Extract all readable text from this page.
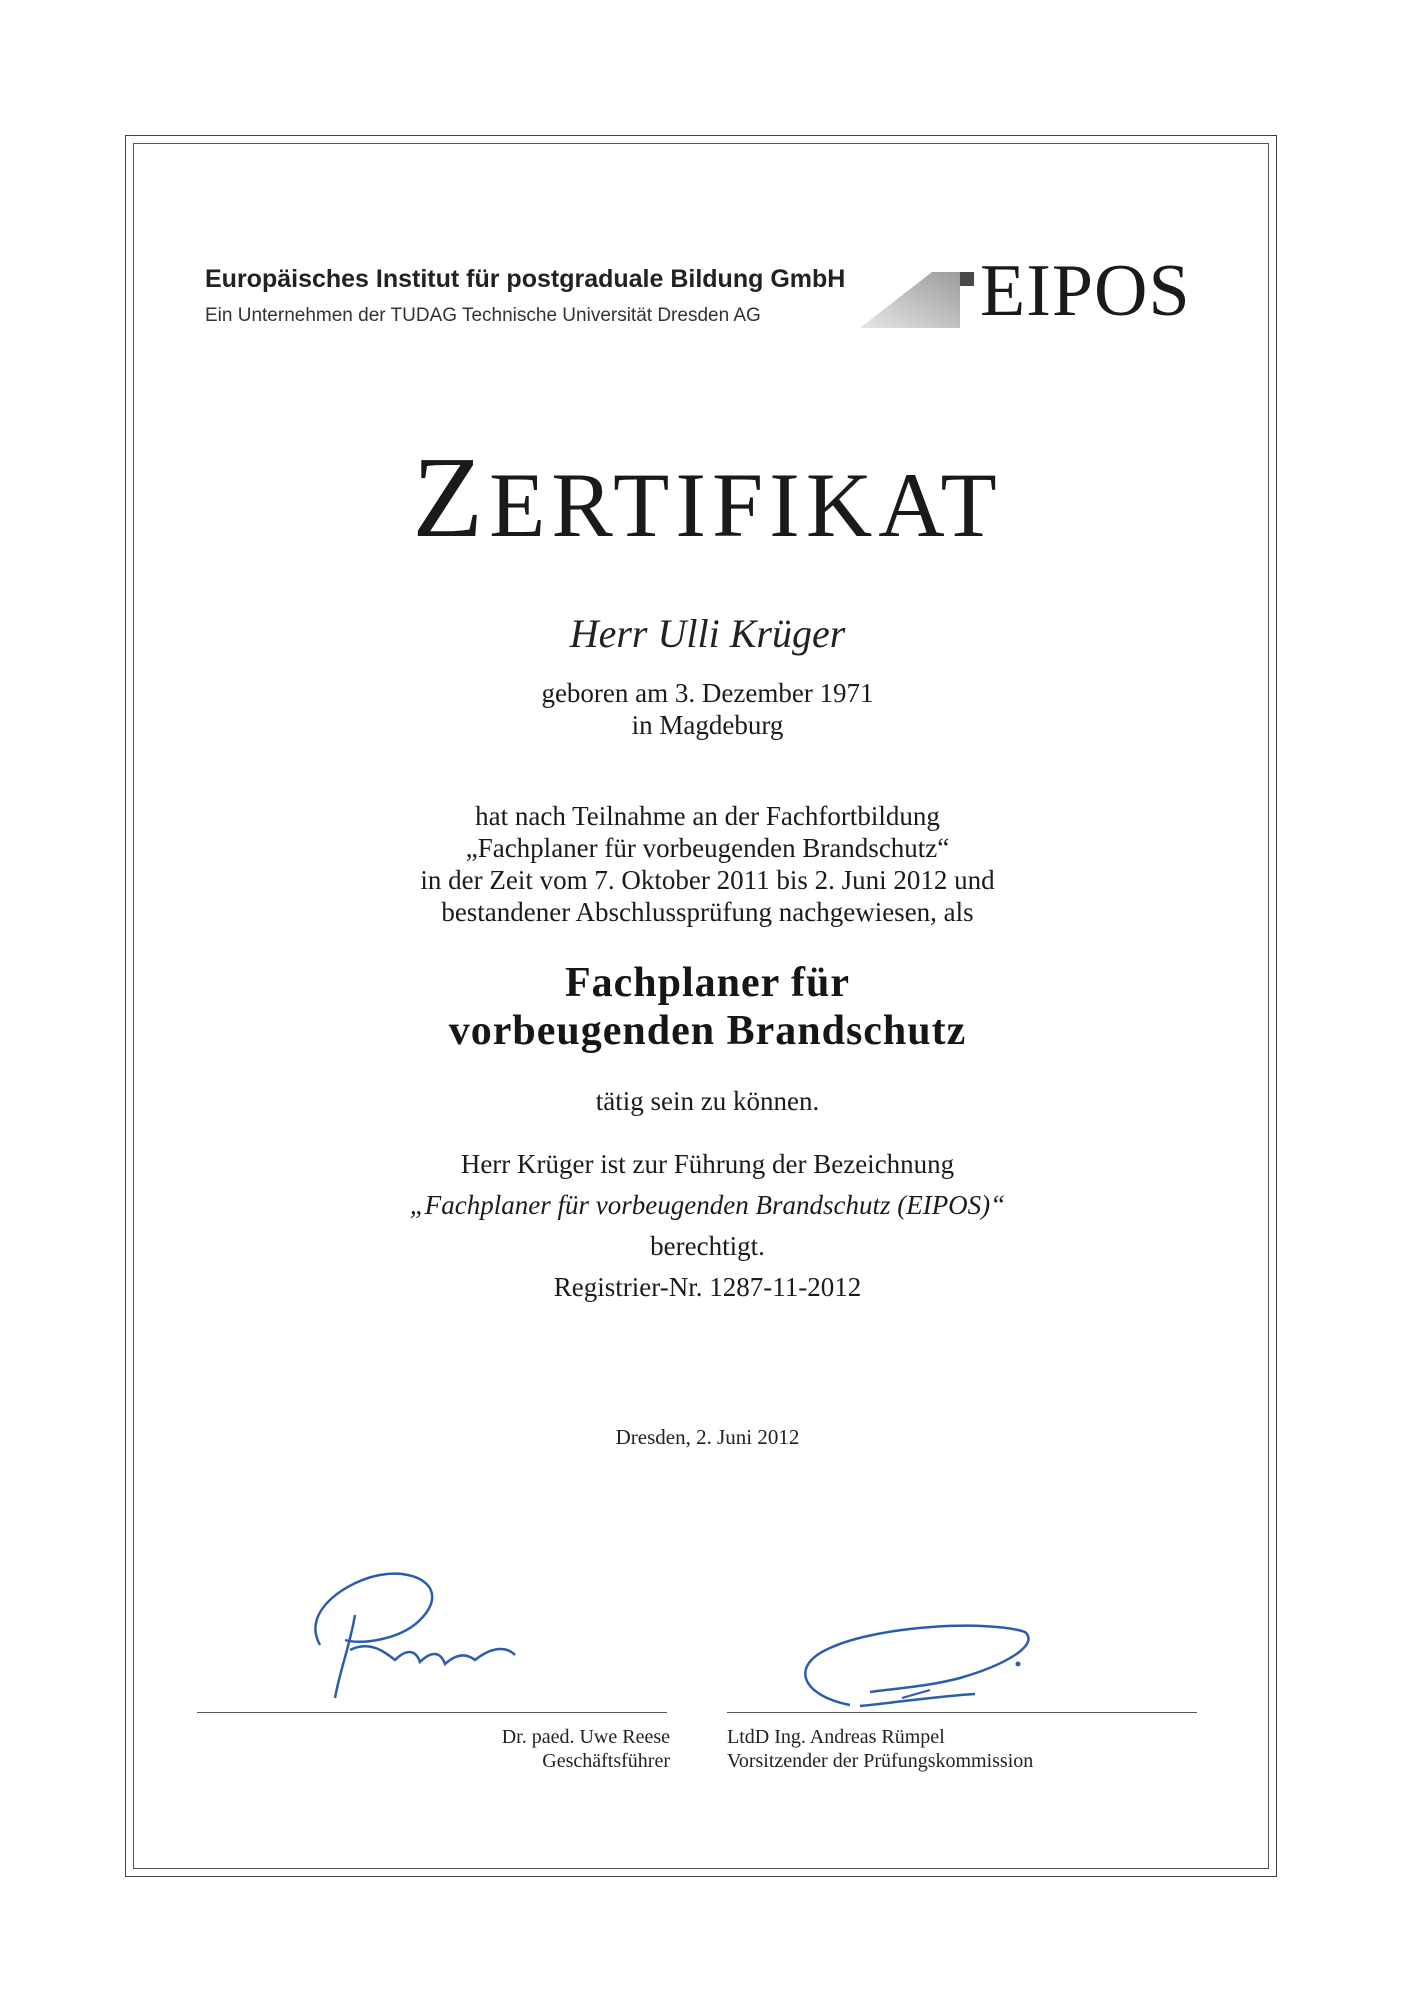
Europäisches Institut für postgraduale Bildung GmbH
Ein Unternehmen der TUDAG Technische Universität Dresden AG	EIPOS
ZERTIFIKAT
Herr Ulli Krüger
geboren am 3. Dezember 1971
in Magdeburg
hat nach Teilnahme an der Fachfortbildung
„Fachplaner für vorbeugenden Brandschutz“
in der Zeit vom 7. Oktober 2011 bis 2. Juni 2012 und
bestandener Abschlussprüfung nachgewiesen, als
Fachplaner für
vorbeugenden Brandschutz
tätig sein zu können.
Herr Krüger ist zur Führung der Bezeichnung
„Fachplaner für vorbeugenden Brandschutz (EIPOS)“
berechtigt.
Registrier-Nr. 1287-11-2012
Dresden, 2. Juni 2012
Dr. paed. Uwe Reese
Geschäftsführer
LtdD Ing. Andreas Rümpel
Vorsitzender der Prüfungskommission
